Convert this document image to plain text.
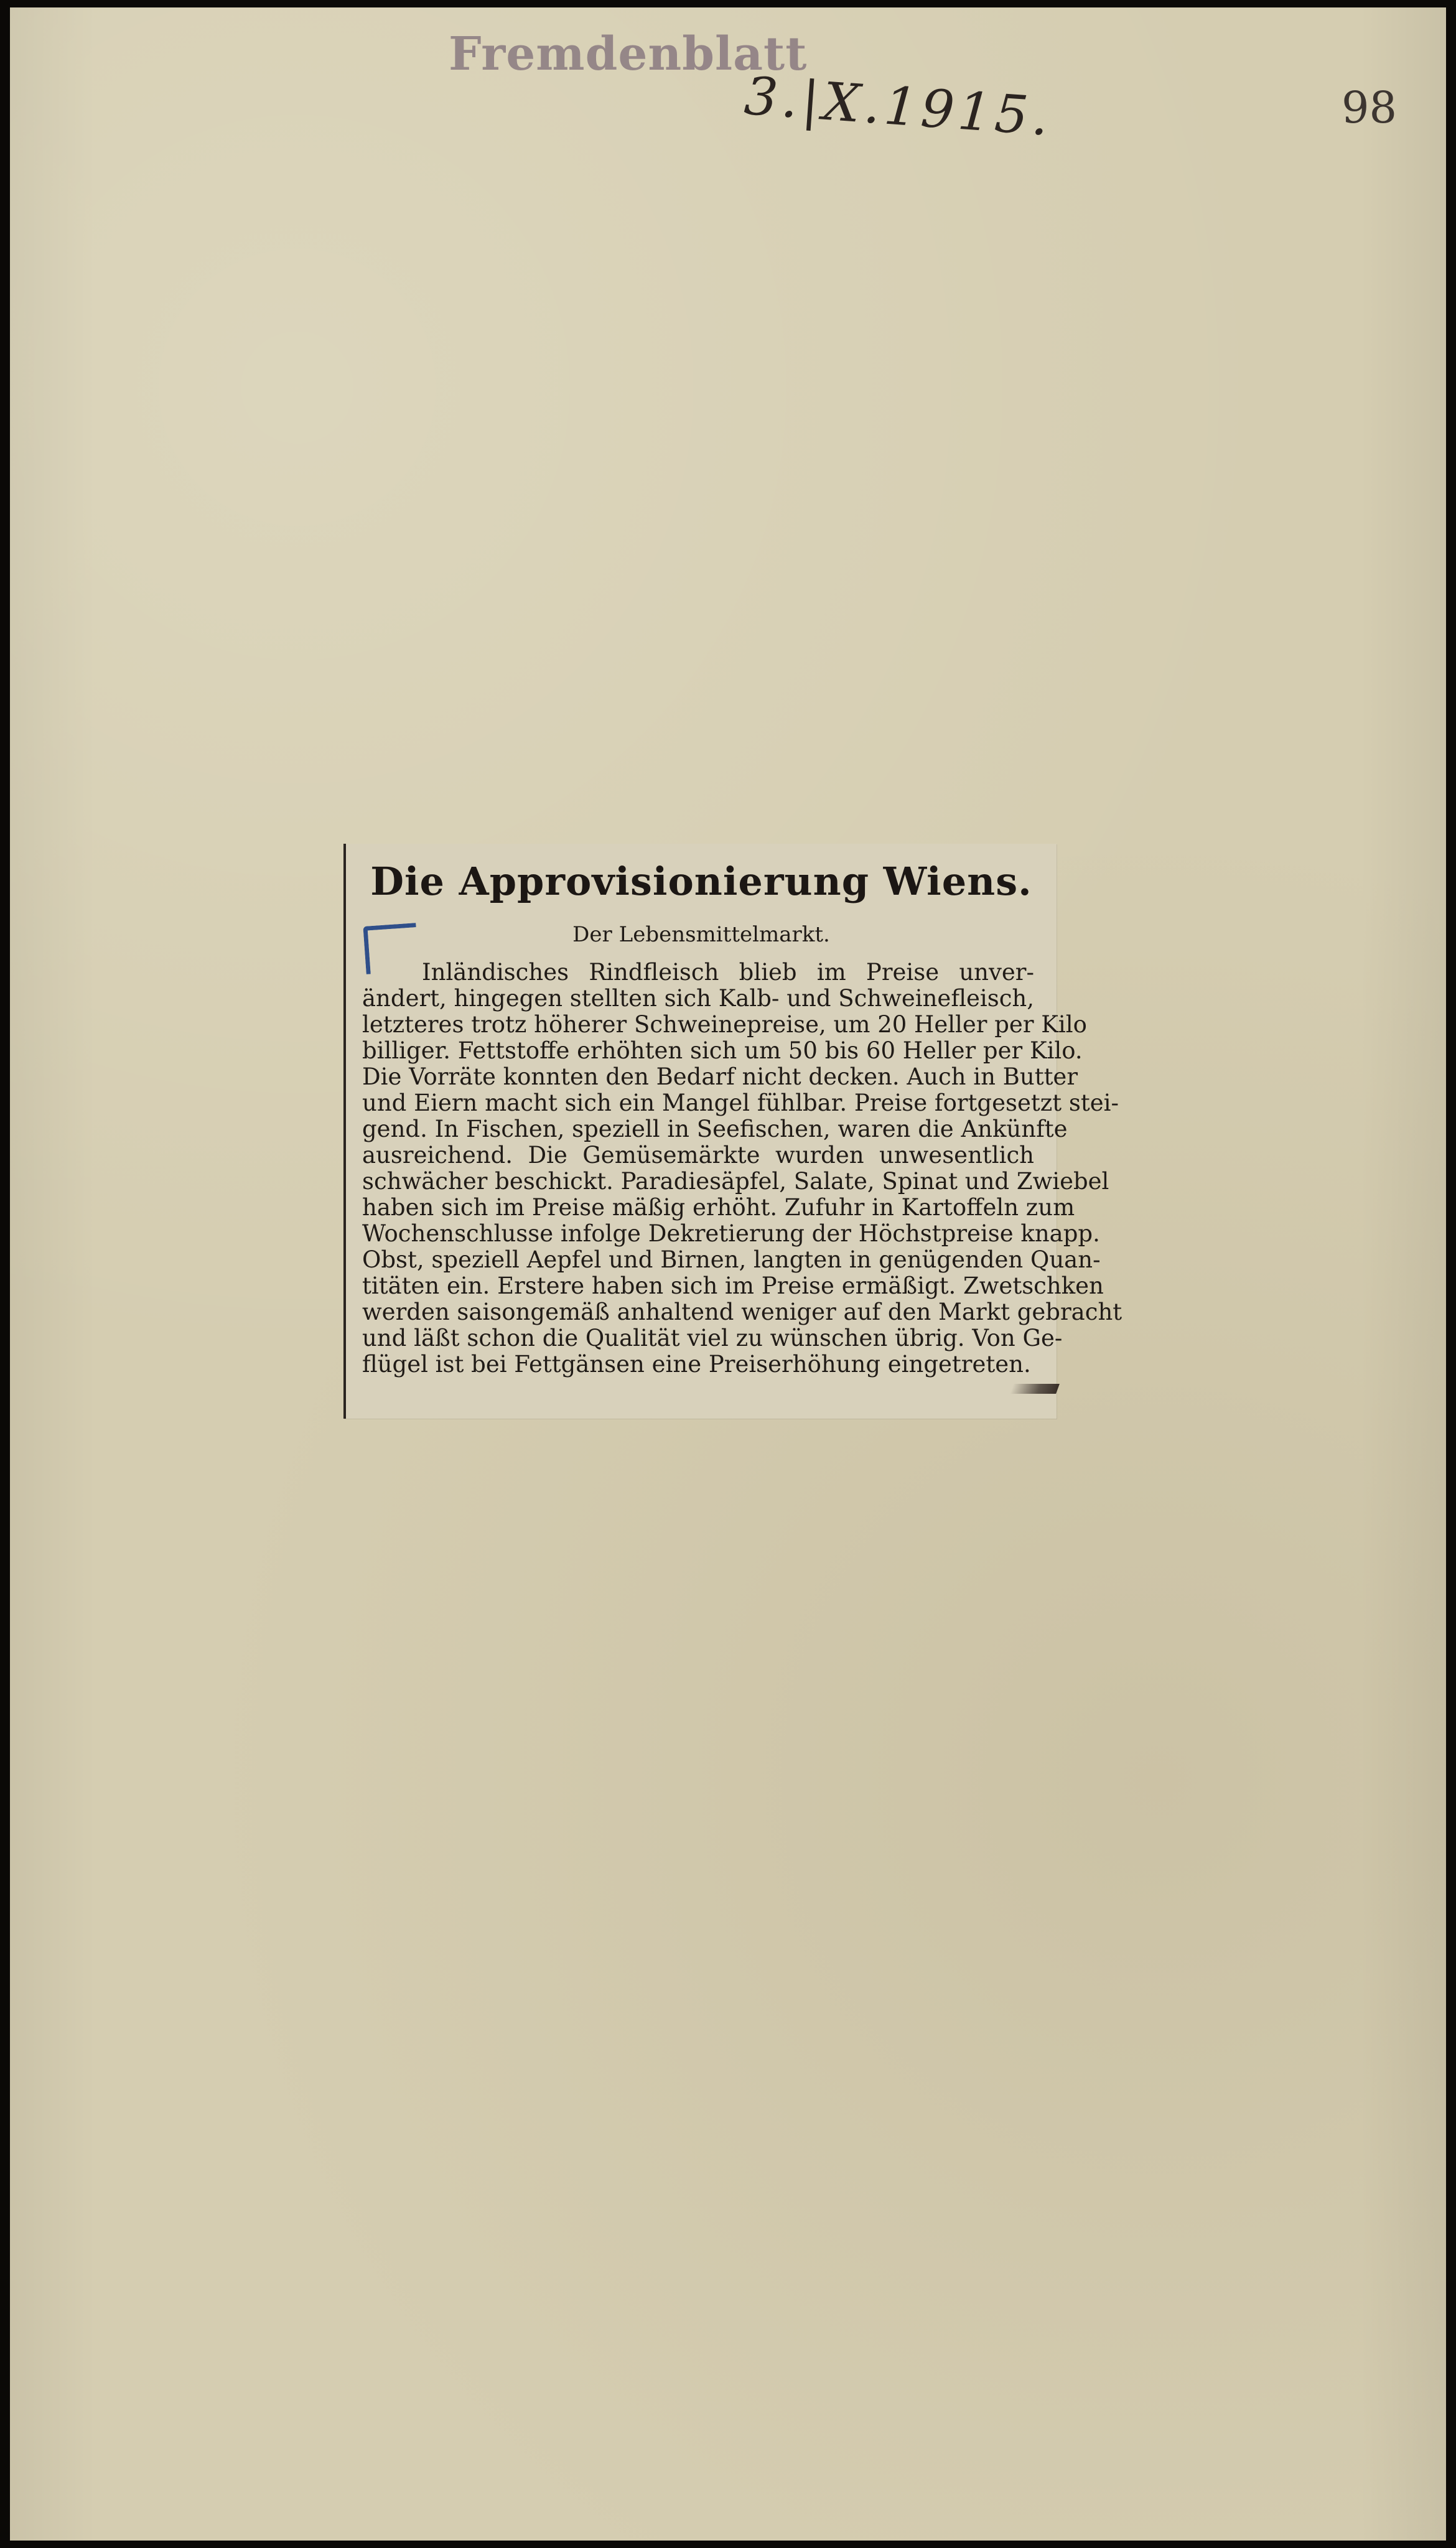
Fremdenblatt
3.|X.1915.	98
Die Approvisionierung Wiens.
Der Lebensmittelmarkt.
Inländisches Rindfleisch blieb im Preise unver-
ändert, hingegen stellten sich Kalb- und Schweinefleisch,
letzteres trotz höherer Schweinepreise, um 20 Heller per Kilo
billiger. Fettstoffe erhöhten sich um 50 bis 60 Heller per Kilo.
Die Vorräte konnten den Bedarf nicht decken. Auch in Butter
und Eiern macht sich ein Mangel fühlbar. Preise fortgesetzt stei-
gend. In Fischen, speziell in Seefischen, waren die Ankünfte
ausreichend. Die Gemüsemärkte wurden unwesentlich
schwächer beschickt. Paradiesäpfel, Salate, Spinat und Zwiebel
haben sich im Preise mäßig erhöht. Zufuhr in Kartoffeln zum
Wochenschlusse infolge Dekretierung der Höchstpreise knapp.
Obst, speziell Aepfel und Birnen, langten in genügenden Quan-
titäten ein. Erstere haben sich im Preise ermäßigt. Zwetschken
werden saisongemäß anhaltend weniger auf den Markt gebracht
und läßt schon die Qualität viel zu wünschen übrig. Von Ge-
flügel ist bei Fettgänsen eine Preiserhöhung eingetreten.
